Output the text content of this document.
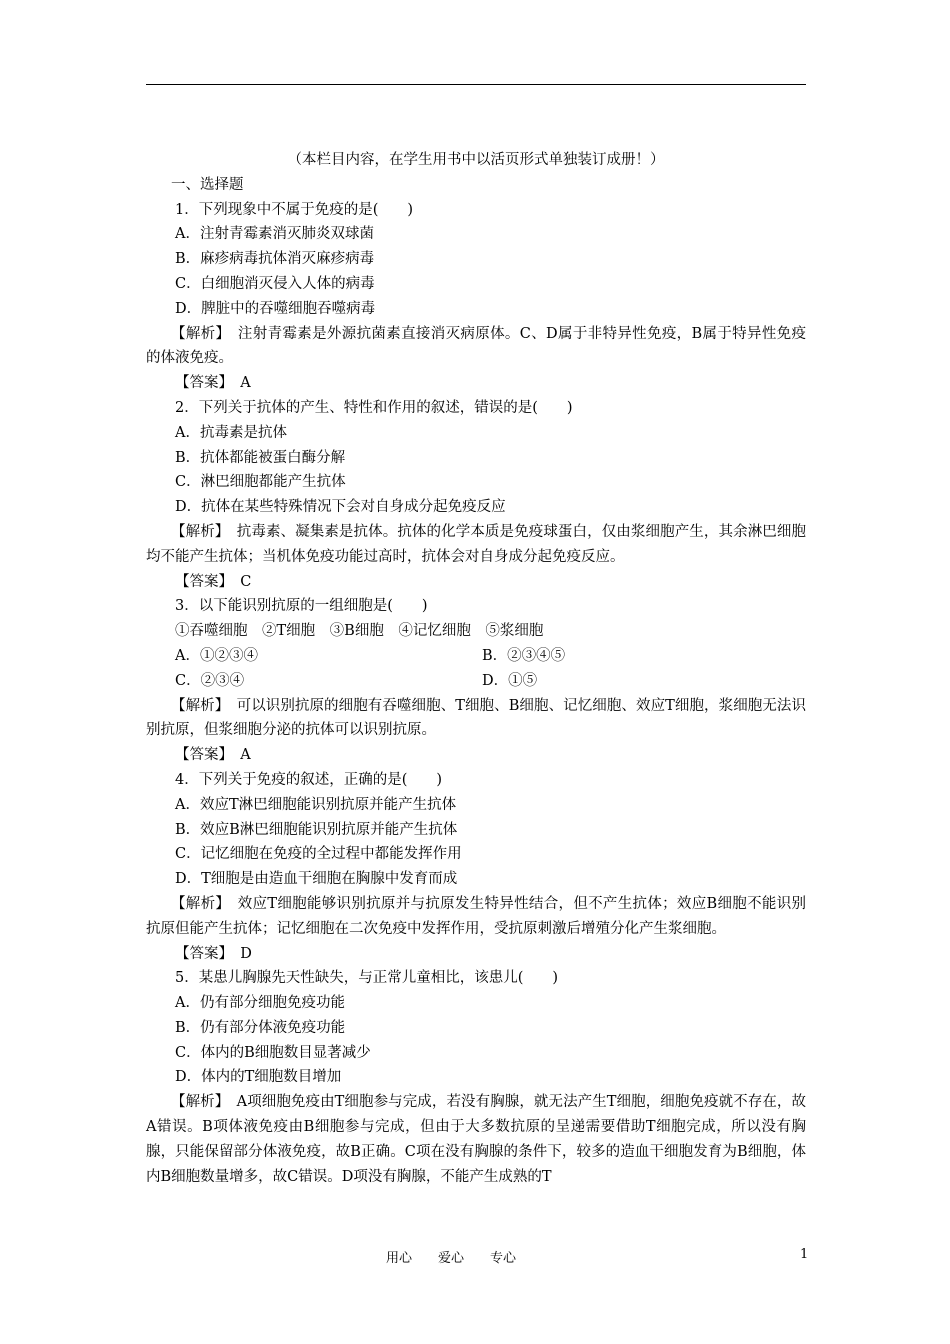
（本栏目内容，在学生用书中以活页形式单独装订成册！）
一、选择题
1．下列现象中不属于免疫的是(　　)
A．注射青霉素消灭肺炎双球菌
B．麻疹病毒抗体消灭麻疹病毒
C．白细胞消灭侵入人体的病毒
D．脾脏中的吞噬细胞吞噬病毒
【解析】　注射青霉素是外源抗菌素直接消灭病原体。C、D属于非特异性免疫，B属于特异性免疫的体液免疫。
【答案】　A
2．下列关于抗体的产生、特性和作用的叙述，错误的是(　　)
A．抗毒素是抗体
B．抗体都能被蛋白酶分解
C．淋巴细胞都能产生抗体
D．抗体在某些特殊情况下会对自身成分起免疫反应
【解析】　抗毒素、凝集素是抗体。抗体的化学本质是免疫球蛋白，仅由浆细胞产生，其余淋巴细胞均不能产生抗体；当机体免疫功能过高时，抗体会对自身成分起免疫反应。
【答案】　C
3．以下能识别抗原的一组细胞是(　　)
①吞噬细胞　②T细胞　③B细胞　④记忆细胞　⑤浆细胞
A．①②③④	B．②③④⑤
C．②③④	D．①⑤
【解析】　可以识别抗原的细胞有吞噬细胞、T细胞、B细胞、记忆细胞、效应T细胞，浆细胞无法识别抗原，但浆细胞分泌的抗体可以识别抗原。
【答案】　A
4．下列关于免疫的叙述，正确的是(　　)
A．效应T淋巴细胞能识别抗原并能产生抗体
B．效应B淋巴细胞能识别抗原并能产生抗体
C．记忆细胞在免疫的全过程中都能发挥作用
D．T细胞是由造血干细胞在胸腺中发育而成
【解析】　效应T细胞能够识别抗原并与抗原发生特异性结合，但不产生抗体；效应B细胞不能识别抗原但能产生抗体；记忆细胞在二次免疫中发挥作用，受抗原刺激后增殖分化产生浆细胞。
【答案】　D
5．某患儿胸腺先天性缺失，与正常儿童相比，该患儿(　　)
A．仍有部分细胞免疫功能
B．仍有部分体液免疫功能
C．体内的B细胞数目显著减少
D．体内的T细胞数目增加
【解析】　A项细胞免疫由T细胞参与完成，若没有胸腺，就无法产生T细胞，细胞免疫就不存在，故A错误。B项体液免疫由B细胞参与完成，但由于大多数抗原的呈递需要借助T细胞完成，所以没有胸腺，只能保留部分体液免疫，故B正确。C项在没有胸腺的条件下，较多的造血干细胞发育为B细胞，体内B细胞数量增多，故C错误。D项没有胸腺，不能产生成熟的T
用心　　爱心　　专心	1
